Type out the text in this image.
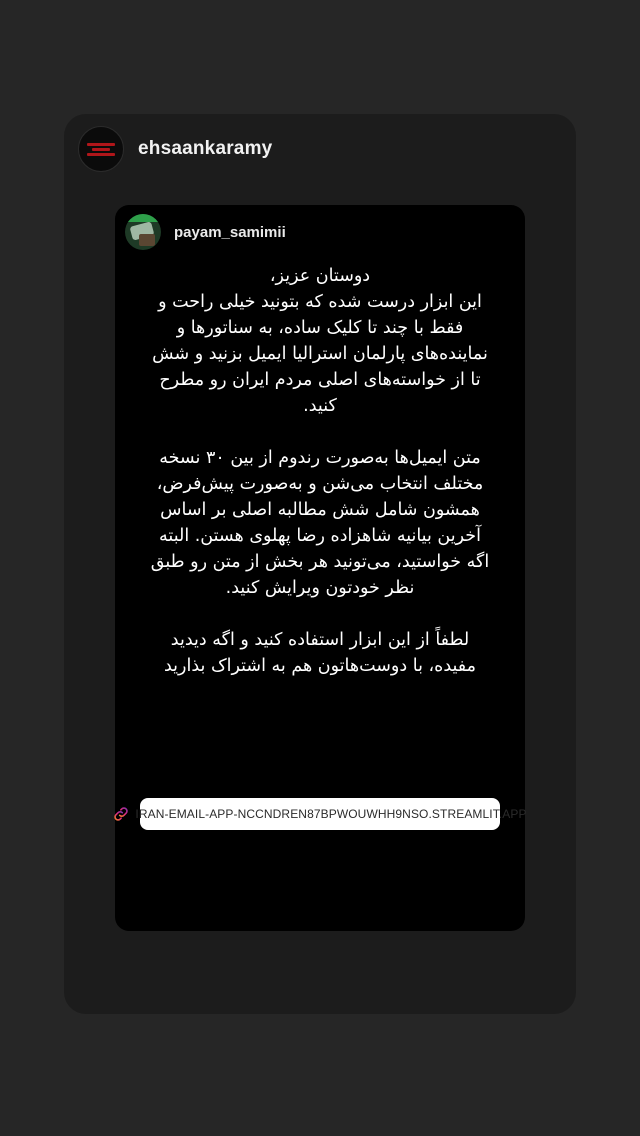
ehsaankaramy
payam_samimii

دوستان عزیز،
این ابزار درست شده که بتونید خیلی راحت و فقط با چند تا کلیک ساده، به سناتورها و نماینده‌های پارلمان استرالیا ایمیل بزنید و شش تا از خواسته‌های اصلی مردم ایران رو مطرح کنید.

متن ایمیل‌ها به‌صورت رندوم از بین ۳۰ نسخه مختلف انتخاب می‌شن و به‌صورت پیش‌فرض، همشون شامل شش مطالبه اصلی بر اساس آخرین بیانیه شاهزاده رضا پهلوی هستن. البته اگه خواستید، می‌تونید هر بخش از متن رو طبق نظر خودتون ویرایش کنید.

لطفاً از این ابزار استفاده کنید و اگه دیدید مفیده، با دوست‌هاتون هم به اشتراک بذارید

IRAN-EMAIL-APP-NCCNDREN87BPWOUWHH9NSO.STREAMLIT.APP
